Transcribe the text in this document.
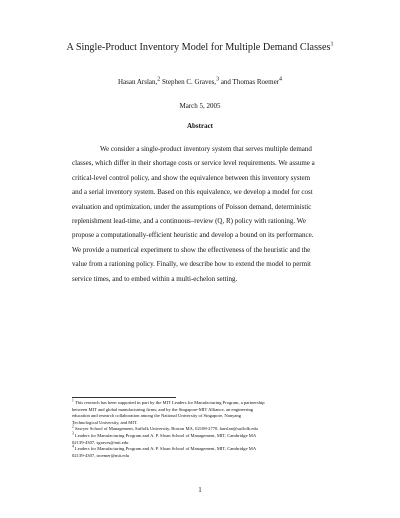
A Single-Product Inventory Model for Multiple Demand Classes$^1$
Hasan Arslan,$^2$ Stephen C. Graves,$^3$ and Thomas Roemer$^4$
March 5, 2005
Abstract
We consider a single-product inventory system that serves multiple demand
classes, which differ in their shortage costs or service level requirements. We assume a
critical-level control policy, and show the equivalence between this inventory system
and a serial inventory system. Based on this equivalence, we develop a model for cost
evaluation and optimization, under the assumptions of Poisson demand, deterministic
replenishment lead-time, and a continuous–review (Q, R) policy with rationing. We
propose a computationally-efficient heuristic and develop a bound on its performance.
We provide a numerical experiment to show the effectiveness of the heuristic and the
value from a rationing policy. Finally, we describe how to extend the model to permit
service times, and to embed within a multi-echelon setting.
$^1$ This research has been supported in part by the MIT Leaders for Manufacturing Program, a partnership
between MIT and global manufacturing firms; and by the Singapore-MIT Alliance, an engineering
education and research collaboration among the National University of Singapore, Nanyang
Technological University, and MIT.
$^2$ Sawyer School of Management, Suffolk University, Boston MA, 02108-2770, harslan@suffolk.edu
$^3$ Leaders for Manufacturing Program and A. P. Sloan School of Management, MIT, Cambridge MA
02139-4307, sgraves@mit.edu
$^4$ Leaders for Manufacturing Program and A. P. Sloan School of Management, MIT, Cambridge MA
02139-4307, troemer@mit.edu
1
